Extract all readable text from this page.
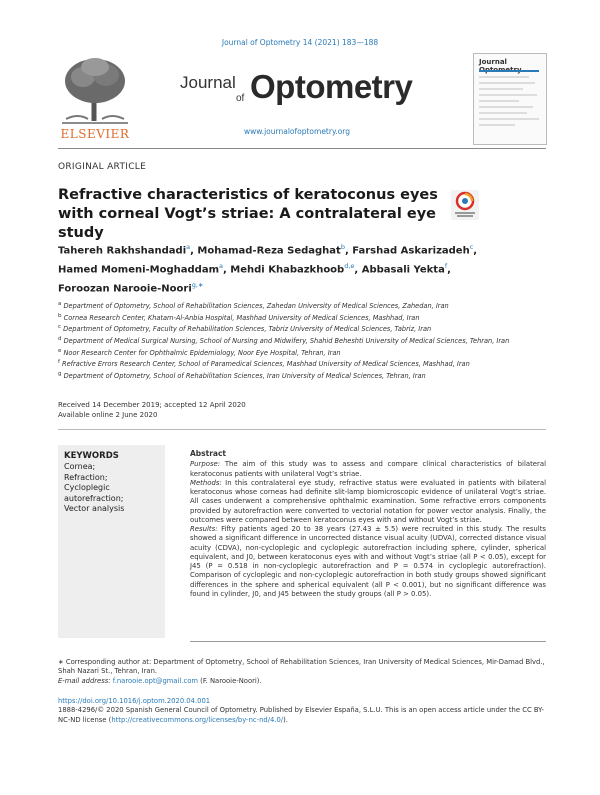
Journal of Optometry 14 (2021) 183—188
ELSEVIER
Journal
of Optometry
www.journalofoptometry.org
Journal
ORIGINAL ARTICLE
Refractive characteristics of keratoconus eyes with corneal Vogt’s striae: A contralateral eye study
Tahereh Rakhshandadi$^a$, Mohamad-Reza Sedaghat$^b$, Farshad Askarizadeh$^c$, Hamed Momeni-Moghaddam$^a$, Mehdi Khabazkhoob$^{d,e}$, Abbasali Yekta$^f$, Foroozan Narooie-Noori$^{g,∗}$
$^a$ Department of Optometry, School of Rehabilitation Sciences, Zahedan University of Medical Sciences, Zahedan, Iran
$^b$ Cornea Research Center, Khatam-Al-Anbia Hospital, Mashhad University of Medical Sciences, Mashhad, Iran
$^c$ Department of Optometry, Faculty of Rehabilitation Sciences, Tabriz University of Medical Sciences, Tabriz, Iran
$^d$ Department of Medical Surgical Nursing, School of Nursing and Midwifery, Shahid Beheshti University of Medical Sciences, Tehran, Iran
$^e$ Noor Research Center for Ophthalmic Epidemiology, Noor Eye Hospital, Tehran, Iran
$^f$ Refractive Errors Research Center, School of Paramedical Sciences, Mashhad University of Medical Sciences, Mashhad, Iran
$^g$ Department of Optometry, School of Rehabilitation Sciences, Iran University of Medical Sciences, Tehran, Iran
Received 14 December 2019; accepted 12 April 2020
Available online 2 June 2020
KEYWORDS
Cornea;
Refraction;
Cycloplegic
autorefraction;
Vector analysis
Abstract

Purpose: The aim of this study was to assess and compare clinical characteristics of bilateral keratoconus patients with unilateral Vogt’s striae.

Methods: In this contralateral eye study, refractive status were evaluated in patients with bilateral keratoconus whose corneas had definite slit-lamp biomicroscopic evidence of unilateral Vogt’s striae. All cases underwent a comprehensive ophthalmic examination. Some refractive errors components provided by autorefraction were converted to vectorial notation for power vector analysis. Finally, the outcomes were compared between keratoconus eyes with and without Vogt’s striae.

Results: Fifty patients aged 20 to 38 years (27.43 ± 5.5) were recruited in this study. The results showed a significant difference in uncorrected distance visual acuity (UDVA), corrected distance visual acuity (CDVA), non-cycloplegic and cycloplegic autorefraction including sphere, cylinder, spherical equivalent, and J0, between keratoconus eyes with and without Vogt’s striae (all P < 0.05), except for J45 (P = 0.518 in non-cycloplegic autorefraction and P = 0.574 in cycloplegic autorefraction). Comparison of cycloplegic and non-cycloplegic autorefraction in both study groups showed significant differences in the sphere and spherical equivalent (all P < 0.001), but no significant difference was found in cylinder, J0, and J45 between the study groups (all P > 0.05).

∗ Corresponding author at: Department of Optometry, School of Rehabilitation Sciences, Iran University of Medical Sciences, Mir-Damad Blvd., Shah Nazari St., Tehran, Iran.
E-mail address: f.narooie.opt@gmail.com (F. Narooie-Noori).
https://doi.org/10.1016/j.optom.2020.04.001
1888-4296/© 2020 Spanish General Council of Optometry. Published by Elsevier España, S.L.U. This is an open access article under the CC BY-NC-ND license (http://creativecommons.org/licenses/by-nc-nd/4.0/).
